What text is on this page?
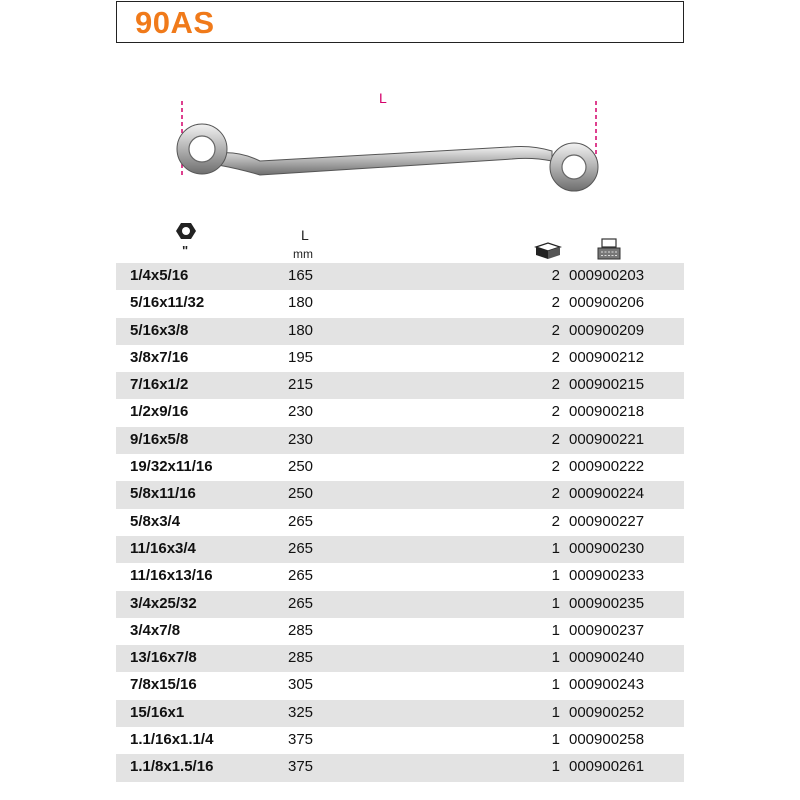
90AS
L
"
L
mm
1/4x5/16	165	2 000900203
5/16x11/32	180	2 000900206
5/16x3/8	180	2 000900209
3/8x7/16	195	2 000900212
7/16x1/2	215	2 000900215
1/2x9/16	230	2 000900218
9/16x5/8	230	2 000900221
19/32x11/16	250	2 000900222
5/8x11/16	250	2 000900224
5/8x3/4	265	2 000900227
11/16x3/4	265	1 000900230
11/16x13/16	265	1 000900233
3/4x25/32	265	1 000900235
3/4x7/8	285	1 000900237
13/16x7/8	285	1 000900240
7/8x15/16	305	1 000900243
15/16x1	325	1 000900252
1.1/16x1.1/4	375	1 000900258
1.1/8x1.5/16	375	1 000900261
